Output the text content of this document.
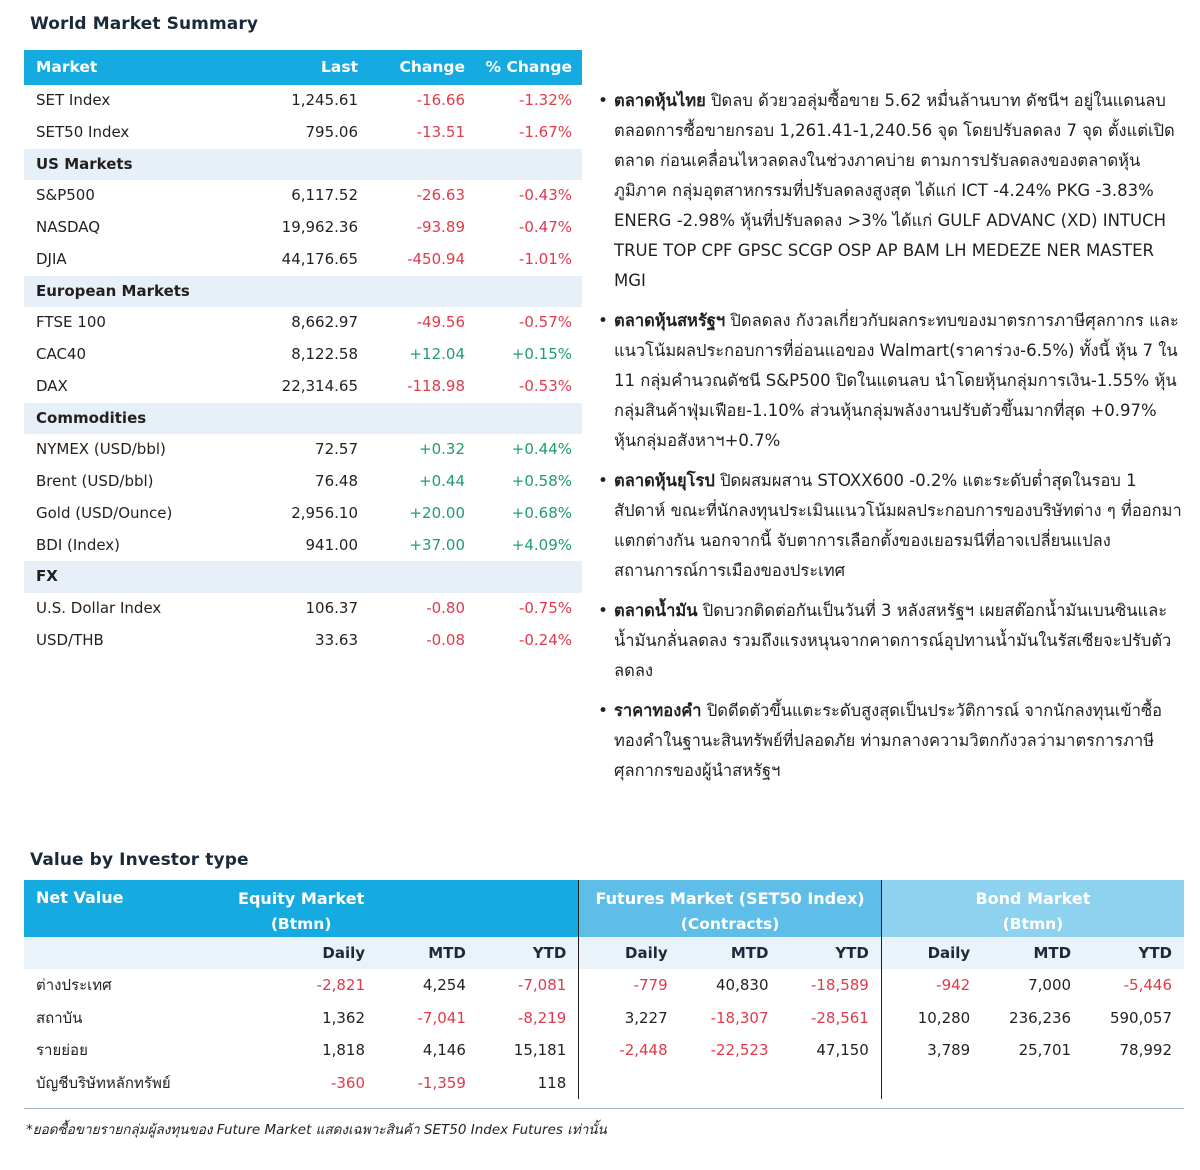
World Market Summary
Market	Last	Change	% Change
SET Index	1,245.61	-16.66	-1.32%
SET50 Index	795.06	-13.51	-1.67%
US Markets			
S&P500	6,117.52	-26.63	-0.43%
NASDAQ	19,962.36	-93.89	-0.47%
DJIA	44,176.65	-450.94	-1.01%
European Markets			
FTSE 100	8,662.97	-49.56	-0.57%
CAC40	8,122.58	+12.04	+0.15%
DAX	22,314.65	-118.98	-0.53%
Commodities			
NYMEX (USD/bbl)	72.57	+0.32	+0.44%
Brent (USD/bbl)	76.48	+0.44	+0.58%
Gold (USD/Ounce)	2,956.10	+20.00	+0.68%
BDI (Index)	941.00	+37.00	+4.09%
FX			
U.S. Dollar Index	106.37	-0.80	-0.75%
USD/THB	33.63	-0.08	-0.24%
• ตลาดหุ้นไทย ปิดลบ ด้วยวอลุ่มซื้อขาย 5.62 หมื่นล้านบาท ดัชนีฯ อยู่ในแดนลบตลอดการซื้อขายกรอบ 1,261.41-1,240.56 จุด โดยปรับลดลง 7 จุด ตั้งแต่เปิดตลาด ก่อนเคลื่อนไหวลดลงในช่วงภาคบ่าย ตามการปรับลดลงของตลาดหุ้นภูมิภาค กลุ่มอุตสาหกรรมที่ปรับลดลงสูงสุด ได้แก่ ICT -4.24% PKG -3.83% ENERG -2.98% หุ้นที่ปรับลดลง >3% ได้แก่ GULF ADVANC (XD) INTUCH TRUE TOP CPF GPSC SCGP OSP AP BAM LH MEDEZE NER MASTER MGI
• ตลาดหุ้นสหรัฐฯ ปิดลดลง กังวลเกี่ยวกับผลกระทบของมาตรการภาษีศุลกากร และแนวโน้มผลประกอบการที่อ่อนแอของ Walmart(ราคาร่วง-6.5%) ทั้งนี้ หุ้น 7 ใน 11 กลุ่มคำนวณดัชนี S&P500 ปิดในแดนลบ นำโดยหุ้นกลุ่มการเงิน-1.55% หุ้นกลุ่มสินค้าฟุ่มเฟือย-1.10% ส่วนหุ้นกลุ่มพลังงานปรับตัวขึ้นมากที่สุด +0.97% หุ้นกลุ่มอสังหาฯ+0.7%
• ตลาดหุ้นยุโรป ปิดผสมผสาน STOXX600 -0.2% แตะระดับต่ำสุดในรอบ 1 สัปดาห์ ขณะที่นักลงทุนประเมินแนวโน้มผลประกอบการของบริษัทต่าง ๆ ที่ออกมาแตกต่างกัน นอกจากนี้ จับตาการเลือกตั้งของเยอรมนีที่อาจเปลี่ยนแปลงสถานการณ์การเมืองของประเทศ
• ตลาดน้ำมัน ปิดบวกติดต่อกันเป็นวันที่ 3 หลังสหรัฐฯ เผยสต๊อกน้ำมันเบนซินและน้ำมันกลั่นลดลง รวมถึงแรงหนุนจากคาดการณ์อุปทานน้ำมันในรัสเซียจะปรับตัวลดลง
• ราคาทองคำ ปิดดีดตัวขึ้นแตะระดับสูงสุดเป็นประวัติการณ์ จากนักลงทุนเข้าซื้อทองคำในฐานะสินทรัพย์ที่ปลอดภัย ท่ามกลางความวิตกกังวลว่ามาตรการภาษีศุลกากรของผู้นำสหรัฐฯ
Value by Investor type
Equity Market
(Btmn)				Futures Market (SET50 Index)
(Contracts)			Bond Market
(Btmn)		

	Daily	MTD	YTD	Daily	MTD	YTD	Daily	MTD	YTD
ต่างประเทศ	-2,821	4,254	-7,081	-779	40,830	-18,589	-942	7,000	-5,446
สถาบัน	1,362	-7,041	-8,219	3,227	-18,307	-28,561	10,280	236,236	590,057
รายย่อย	1,818	4,146	15,181	-2,448	-22,523	47,150	3,789	25,701	78,992
บัญชีบริษัทหลักทรัพย์	-360	-1,359	118						
*ยอดซื้อขายรายกลุ่มผู้ลงทุนของ Future Market แสดงเฉพาะสินค้า SET50 Index Futures เท่านั้น
Net Value
